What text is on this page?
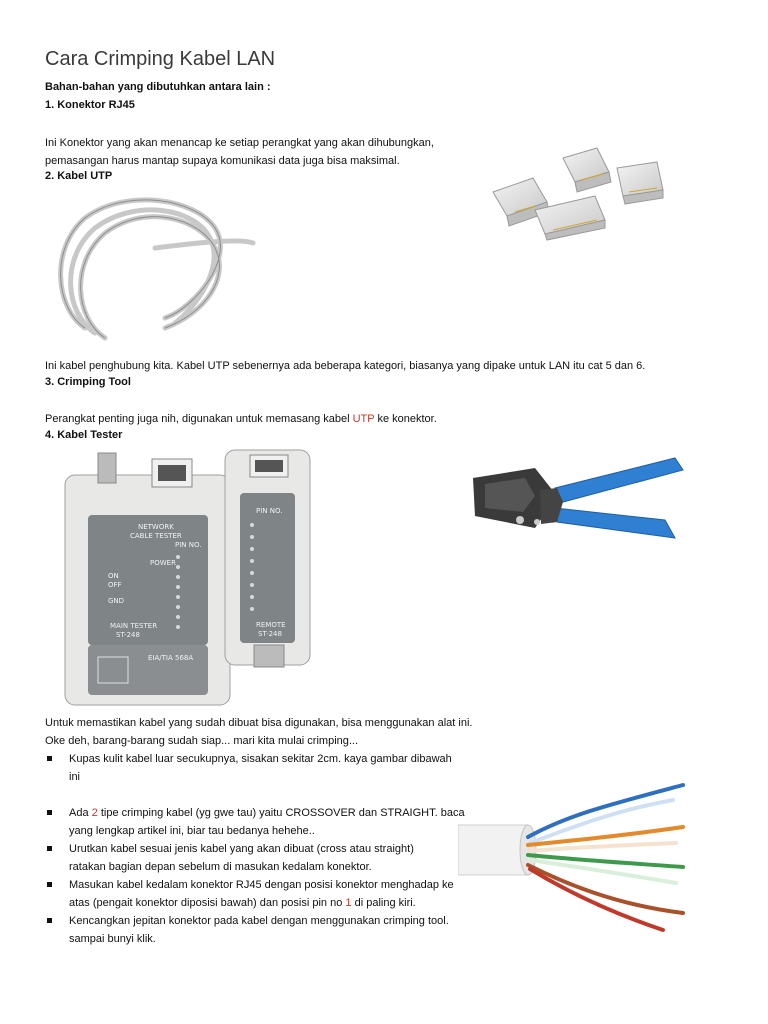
Cara Crimping Kabel LAN
Bahan-bahan yang dibutuhkan antara lain :
1. Konektor RJ45
Ini Konektor yang akan menancap ke setiap perangkat yang akan dihubungkan,
pemasangan harus mantap supaya komunikasi data juga bisa maksimal.
2. Kabel UTP
Ini kabel penghubung kita. Kabel UTP sebenernya ada beberapa kategori, biasanya yang dipake untuk LAN itu cat 5 dan 6.
3. Crimping Tool
Perangkat penting juga nih, digunakan untuk memasang kabel UTP ke konektor.
4. Kabel Tester
NETWORK
CABLE TESTER
PIN NO.
POWER
ON
OFF
GND
MAIN TESTER
ST-248
EIA/TIA 568A
PIN NO.
REMOTE
ST-248
Untuk memastikan kabel yang sudah dibuat bisa digunakan, bisa menggunakan alat ini.
Oke deh, barang-barang sudah siap... mari kita mulai crimping...
Kupas kulit kabel luar secukupnya, sisakan sekitar 2cm. kaya gambar dibawah ini
Ada 2 tipe crimping kabel (yg gwe tau) yaitu CROSSOVER dan STRAIGHT. baca yang lengkap artikel ini, biar tau bedanya hehehe..
Urutkan kabel sesuai jenis kabel yang akan dibuat (cross atau straight) ratakan bagian depan sebelum di masukan kedalam konektor.
Masukan kabel kedalam konektor RJ45 dengan posisi konektor menghadap ke atas (pengait konektor diposisi bawah) dan posisi pin no 1 di paling kiri.
Kencangkan jepitan konektor pada kabel dengan menggunakan crimping tool. sampai bunyi klik.
